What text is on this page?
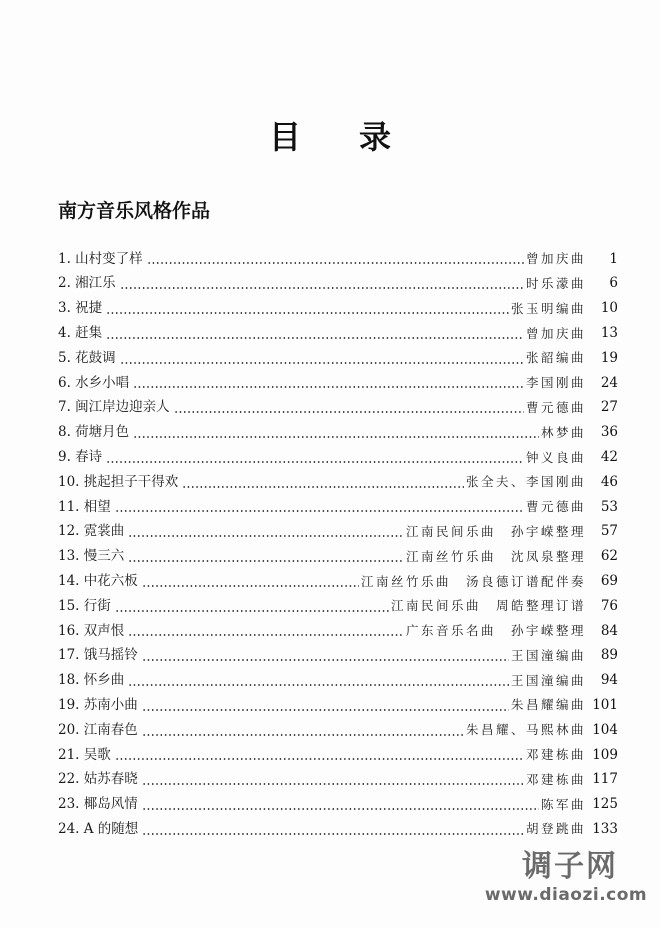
目 录
南方音乐风格作品
1. 山村变了样	曾加庆曲	1
2. 湘江乐	时乐濛曲	6
3. 祝捷	张玉明编曲	10
4. 赶集	曾加庆曲	13
5. 花鼓调	张韶编曲	19
6. 水乡小唱	李国刚曲	24
7. 闽江岸边迎亲人	曹元德曲	27
8. 荷塘月色	林梦曲	36
9. 春诗	钟义良曲	42
10. 挑起担子干得欢	张全夫、李国刚曲	46
11. 相望	曹元德曲	53
12. 霓裳曲	江南民间乐曲　孙宇嵘整理	57
13. 慢三六	江南丝竹乐曲　沈凤泉整理	62
14. 中花六板	江南丝竹乐曲　汤良德订谱配伴奏	69
15. 行街	江南民间乐曲　周皓整理订谱	76
16. 双声恨	广东音乐名曲　孙宇嵘整理	84
17. 饿马摇铃	王国潼编曲	89
18. 怀乡曲	王国潼编曲	94
19. 苏南小曲	朱昌耀编曲 101
20. 江南春色	朱昌耀、马熙林曲 104
21. 吴歌	邓建栋曲 109
22. 姑苏春晓	邓建栋曲 117
23. 椰岛风情	陈军曲 125
24. A 的随想	胡登跳曲 133
调子网
www.diaozi.com
